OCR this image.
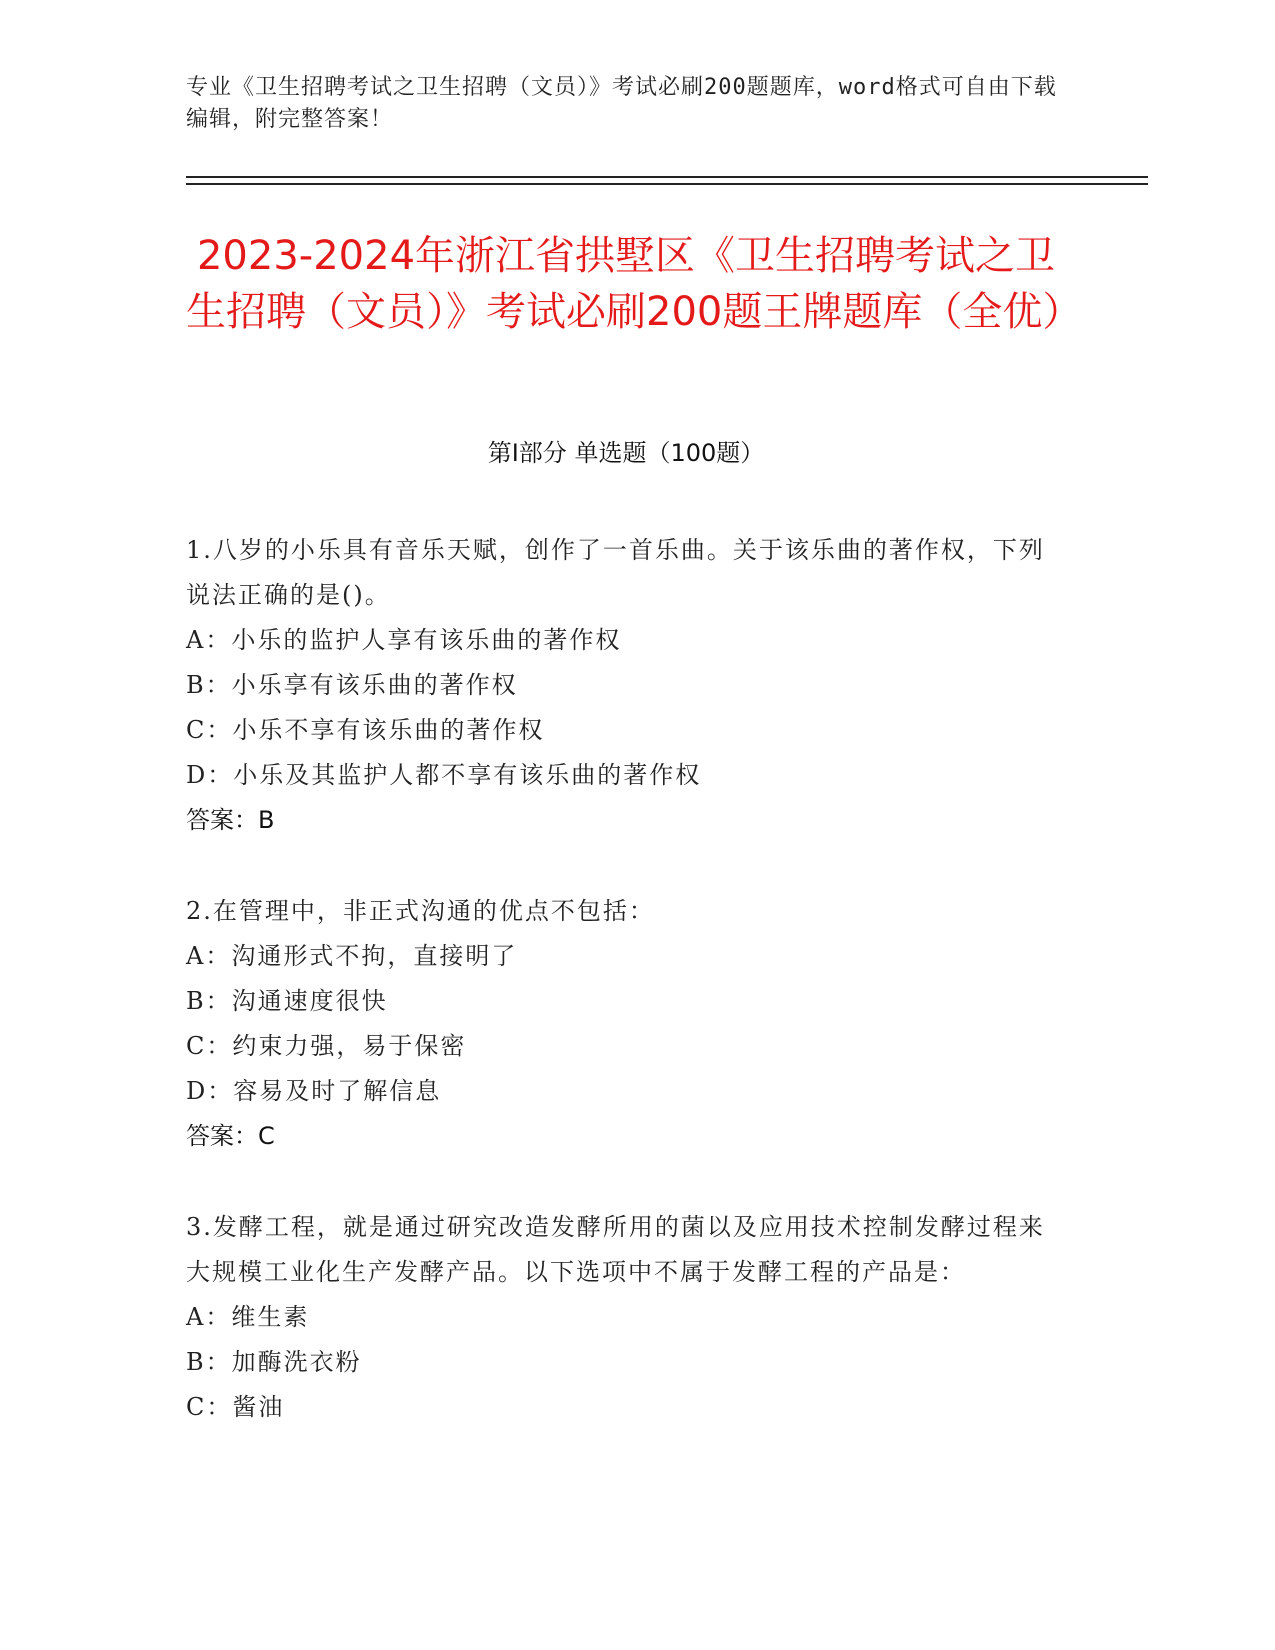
专业《卫生招聘考试之卫生招聘（文员）》考试必刷200题题库，word格式可自由下载编辑，附完整答案！
2023-2024年浙江省拱墅区《卫生招聘考试之卫生招聘（文员）》考试必刷200题王牌题库（全优）
第I部分 单选题（100题）
1.八岁的小乐具有音乐天赋，创作了一首乐曲。关于该乐曲的著作权，下列说法正确的是()。
A：小乐的监护人享有该乐曲的著作权
B：小乐享有该乐曲的著作权
C：小乐不享有该乐曲的著作权
D：小乐及其监护人都不享有该乐曲的著作权
答案：B
2.在管理中，非正式沟通的优点不包括：
A：沟通形式不拘，直接明了
B：沟通速度很快
C：约束力强，易于保密
D：容易及时了解信息
答案：C
3.发酵工程，就是通过研究改造发酵所用的菌以及应用技术控制发酵过程来大规模工业化生产发酵产品。以下选项中不属于发酵工程的产品是：
A：维生素
B：加酶洗衣粉
C：酱油
